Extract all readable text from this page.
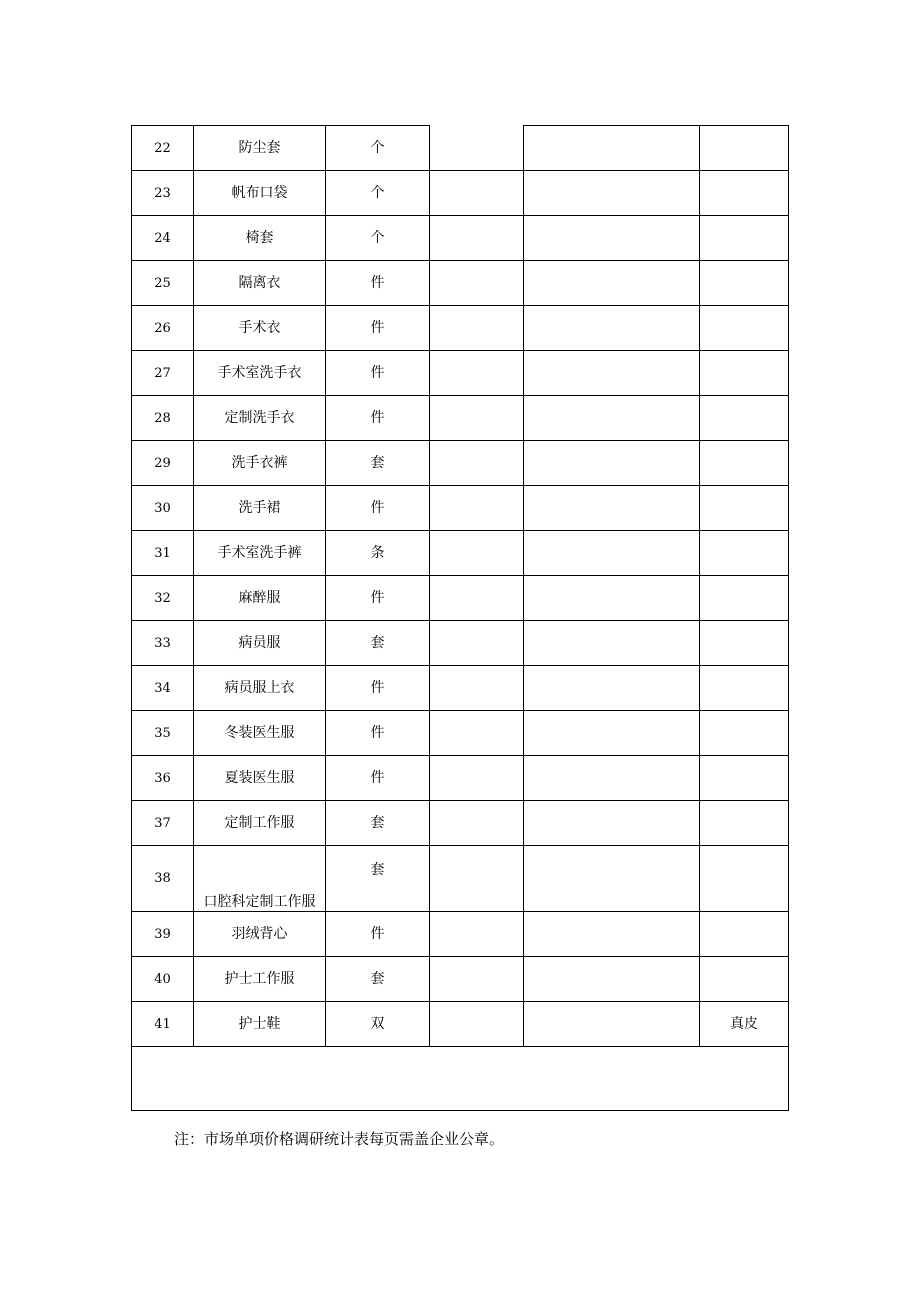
22	防尘套	个			
23	帆布口袋	个			
24	椅套	个			
25	隔离衣	件			
26	手术衣	件			
27	手术室洗手衣	件			
28	定制洗手衣	件			
29	洗手衣裤	套			
30	洗手裙	件			
31	手术室洗手裤	条			
32	麻醉服	件			
33	病员服	套			
34	病员服上衣	件			
35	冬装医生服	件			
36	夏装医生服	件			
37	定制工作服	套			
38	口腔科定制工作服	套			
39	羽绒背心	件			
40	护士工作服	套			
41	护士鞋	双			真皮

注：市场单项价格调研统计表每页需盖企业公章。
